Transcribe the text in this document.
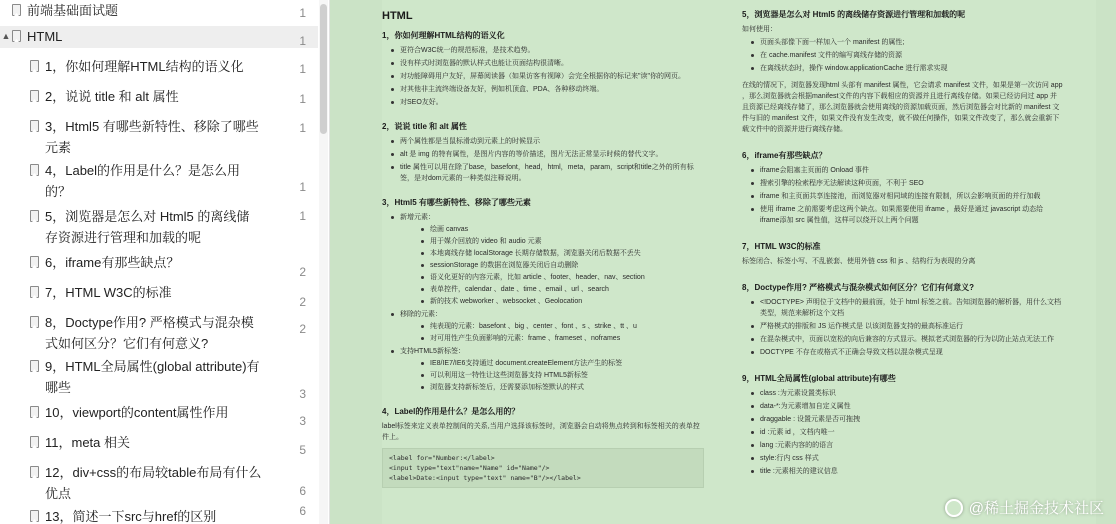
前端基础面试题
▲ HTML
1，你如何理解HTML结构的语义化
2，说说 title 和 alt 属性
3，Html5 有哪些新特性、移除了哪些元素
4，Label的作用是什么？是怎么用的？
5，浏览器是怎么对 Html5 的离线储存资源进行管理和加载的呢
6，iframe有那些缺点？
7，HTML W3C的标准
8，Doctype作用? 严格模式与混杂模式如何区分？它们有何意义?
9，HTML全局属性(global attribute)有哪些
10，viewport的content属性作用
11，meta 相关
12，div+css的布局较table布局有什么优点
13，简述一下src与href的区别
1
1
1
1
1
1
1
2
2
2
3
3
5
6
6
HTML
1，你如何理解HTML结构的语义化
更符合W3C统一的规范标准，是技术趋势。
没有样式时浏览器的默认样式也能让页面结构很清晰。
对功能障碍用户友好，屏幕阅读器（如果访客有视障）会完全根据你的标记来"读"你的网页。
对其他非主流终端设备友好，例如机顶盒、PDA、各种移动终端。
对SEO友好。
2，说说 title 和 alt 属性
两个属性都是当鼠标滑动到元素上的时候显示
alt 是 img 的特有属性，是图片内容的等价描述，图片无法正常显示时候的替代文字。
title 属性可以用在除了base，basefont，head，html，meta，param，script和title之外的所有标签，是对dom元素的一种类似注释说明。
3，Html5 有哪些新特性、移除了哪些元素
新增元素：
绘画 canvas
用于媒介回放的 video 和 audio 元素
本地离线存储 localStorage 长期存储数据，浏览器关闭后数据不丢失
sessionStorage 的数据在浏览器关闭后自动删除
语义化更好的内容元素，比如 article 、footer、header、nav、section
表单控件，calendar 、date 、time 、email 、url 、search
新的技术 webworker 、websocket 、Geolocation
移除的元素：
纯表现的元素：basefont 、big 、center 、font 、s 、strike 、tt 、u
对可用性产生负面影响的元素：frame 、frameset 、noframes
支持HTML5新标签：
IE8/IE7/IE6支持通过 document.createElement方法产生的标签
可以利用这一特性让这些浏览器支持 HTML5新标签
浏览器支持新标签后，还需要添加标签默认的样式
4，Label的作用是什么？是怎么用的？
label标签来定义表单控制间的关系,当用户选择该标签时，浏览器会自动将焦点转到和标签相关的表单控件上。
<label for="Number:</label>
<input type="text"name="Name" id="Name"/>
<label>Date:<input type="text" name="B"/></label>
5，浏览器是怎么对 Html5 的离线储存资源进行管理和加载的呢
如何使用：
页面头部像下面一样加入一个 manifest 的属性;
在 cache.manifest 文件的编写离线存储的资源
在离线状态时，操作 window.applicationCache 进行需求实现
在线的情况下，浏览器发现html 头部有 manifest 属性，它会请求 manifest 文件，如果是第一次访问 app ，那么浏览器就会根据manifest文件的内容下载相应的资源并且进行离线存储。如果已经访问过 app 并且资源已经离线存储了，那么浏览器就会使用离线的资源加载页面，然后浏览器会对比新的 manifest 文件与旧的 manifest 文件，如果文件没有发生改变，就不做任何操作，如果文件改变了，那么就会重新下载文件中的资源并进行离线存储。
6，iframe有那些缺点？
iframe会阻塞主页面的 Onload 事件
搜索引擎的检索程序无法解读这种页面，不利于 SEO
iframe 和主页面共享连接池，而浏览器对相同域的连接有限制，所以会影响页面的并行加载
使用 iframe 之前需要考虑这两个缺点。如果需要使用 iframe ，最好是通过 javascript 动态给 iframe添加 src 属性值，这样可以绕开以上两个问题
7，HTML W3C的标准
标签闭合、标签小写、不乱嵌套、使用外链 css 和 js 、结构行为表现的分离
8，Doctype作用? 严格模式与混杂模式如何区分？它们有何意义?
<!DOCTYPE> 声明位于文档中的最前面，处于 html 标签之前。告知浏览器的解析器，用什么文档类型，规范来解析这个文档
严格模式的排版和 JS 运作模式是 以该浏览器支持的最高标准运行
在混杂模式中，页面以宽松的向后兼容的方式显示。模拟老式浏览器的行为以防止站点无法工作
DOCTYPE 不存在或格式不正确会导致文档以混杂模式呈现
9，HTML全局属性(global attribute)有哪些
class :为元素设置类标识
data-*:为元素增加自定义属性
draggable : 设置元素是否可拖拽
id :元素 id ，文档内唯一
lang :元素内容的的语言
style:行内 css 样式
title :元素相关的建议信息
@稀土掘金技术社区
